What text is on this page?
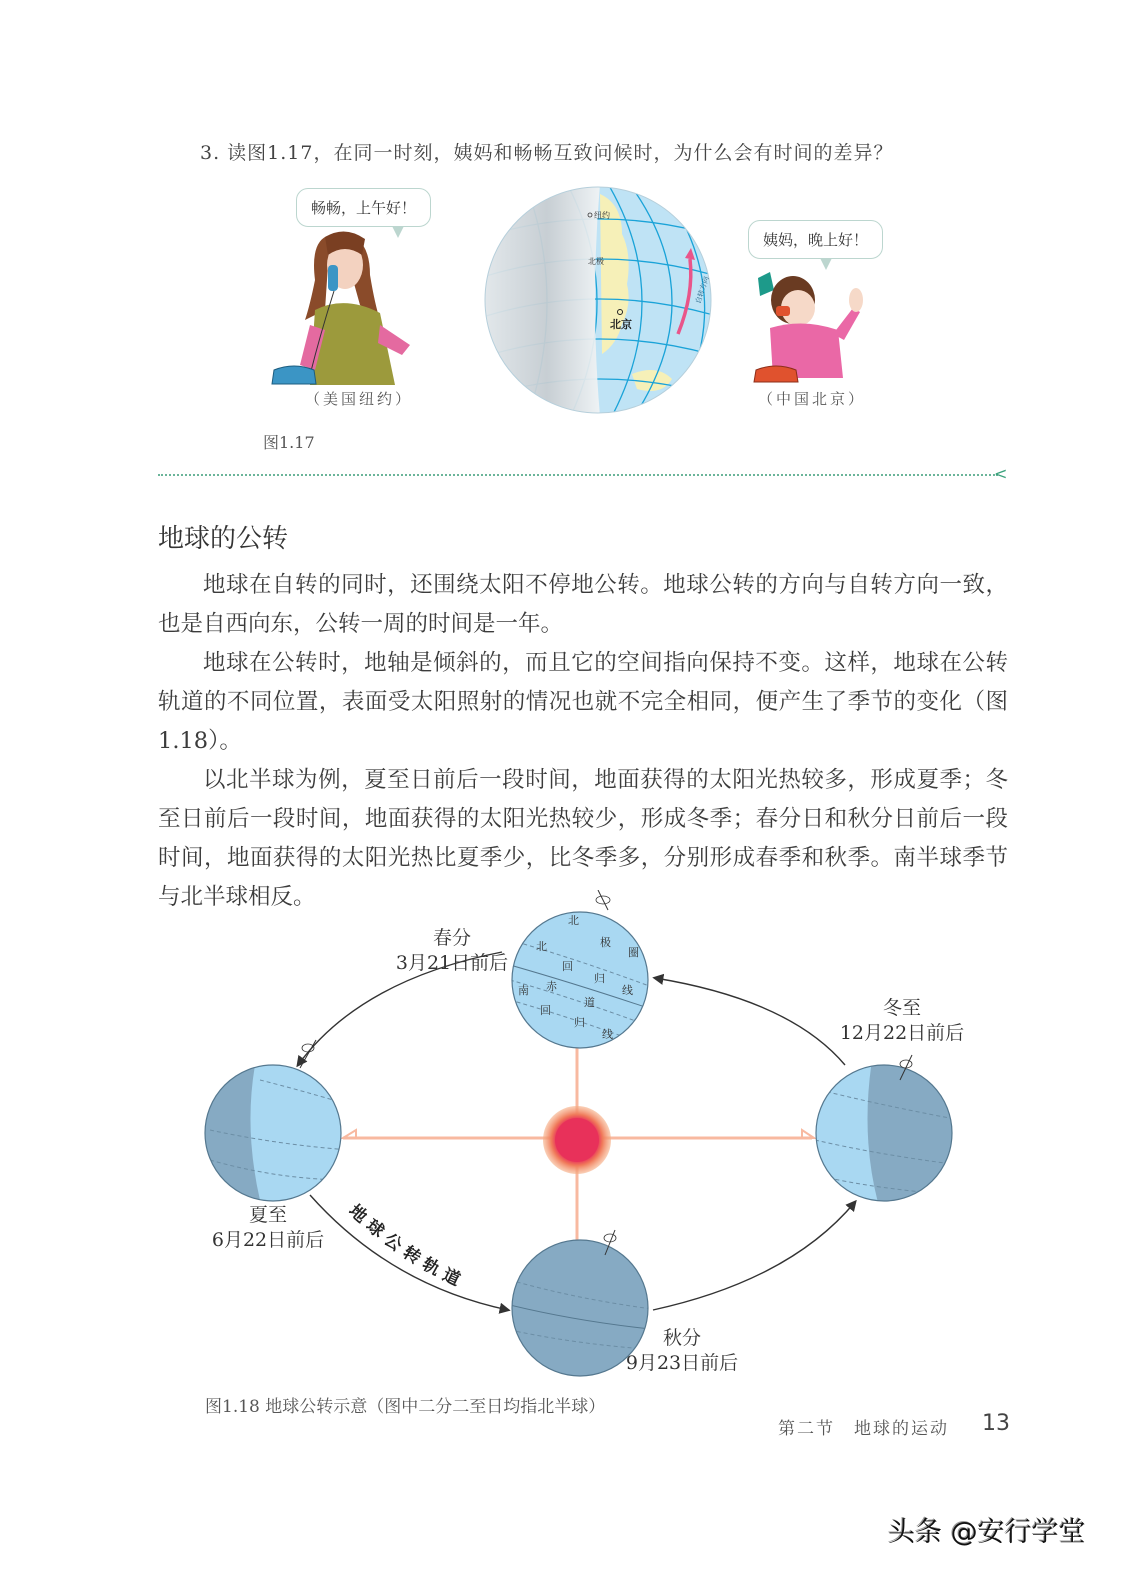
3. 读图1.17，在同一时刻，姨妈和畅畅互致问候时，为什么会有时间的差异？
畅畅，上午好！
（美国纽约）
纽约
北极
北京
自转方向
姨妈，晚上好！
（中国北京）
图1.17
<
地球的公转
地球在自转的同时，还围绕太阳不停地公转。地球公转的方向与自转方向一致，也是自西向东，公转一周的时间是一年。
地球在公转时，地轴是倾斜的，而且它的空间指向保持不变。这样，地球在公转轨道的不同位置，表面受太阳照射的情况也就不完全相同，便产生了季节的变化（图1.18）。
以北半球为例，夏至日前后一段时间，地面获得的太阳光热较多，形成夏季；冬至日前后一段时间，地面获得的太阳光热较少，形成冬季；春分日和秋分日前后一段时间，地面获得的太阳光热比夏季少，比冬季多，分别形成春季和秋季。南半球季节与北半球相反。
北
极
圈
北
回
归
线
赤
道
南
回
归
线
地球公转轨道
春分
3月21日前后
夏至
6月22日前后
秋分
9月23日前后
冬至
12月22日前后
图1.18 地球公转示意（图中二分二至日均指北半球）
第二节　地球的运动 13
头条 @安行学堂
